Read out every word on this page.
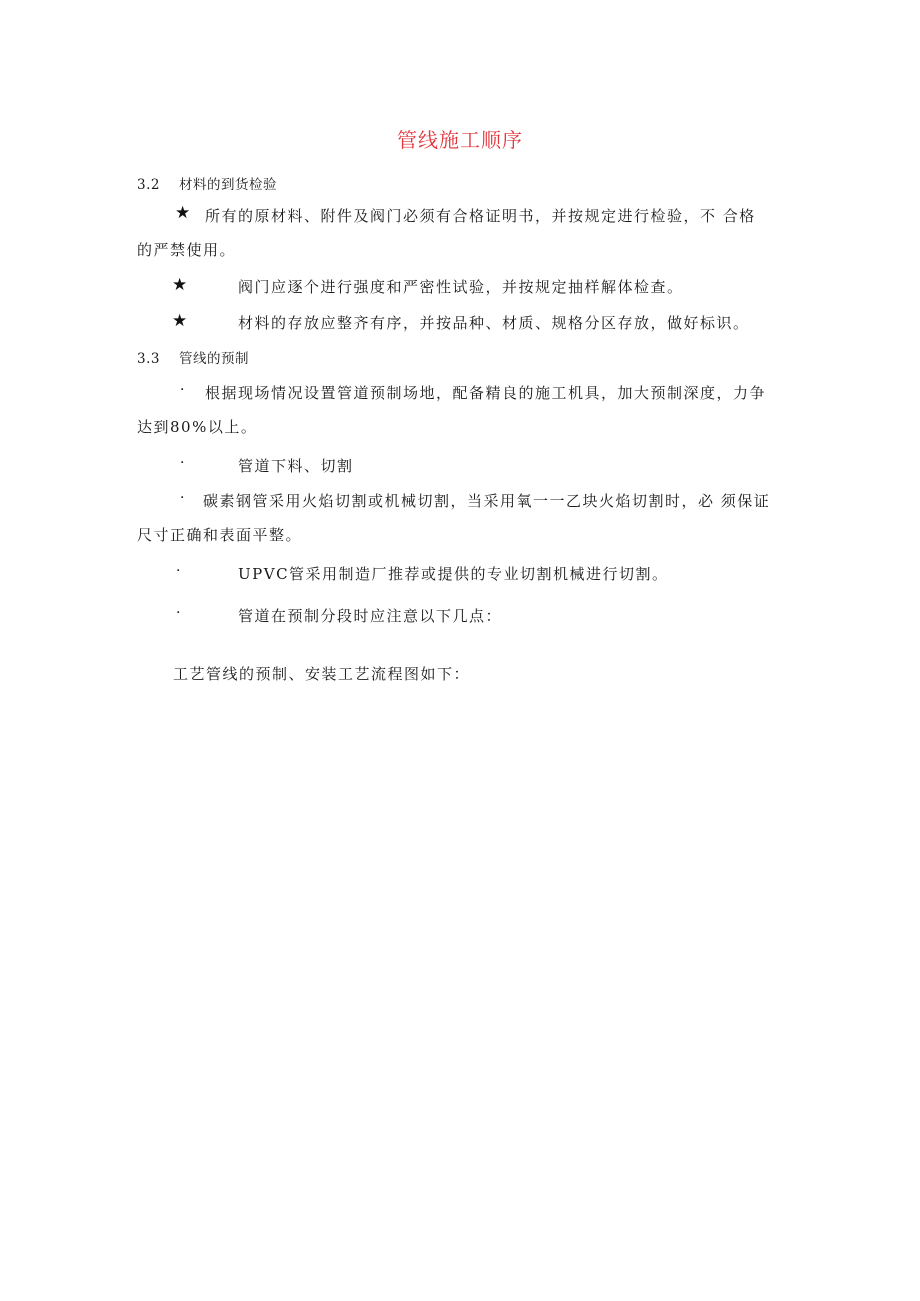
管线施工顺序
3.2 材料的到货检验
★ 所有的原材料、附件及阀门必须有合格证明书，并按规定进行检验，不 合格
的严禁使用。
★	阀门应逐个进行强度和严密性试验，并按规定抽样解体检查。
★	材料的存放应整齐有序，并按品种、材质、规格分区存放，做好标识。
3.3 管线的预制
· 根据现场情况设置管道预制场地，配备精良的施工机具，加大预制深度，力争
达到80%以上。
·	管道下料、切割
· 碳素钢管采用火焰切割或机械切割，当采用氧一一乙块火焰切割时，必 须保证
尺寸正确和表面平整。
·	UPVC管采用制造厂推荐或提供的专业切割机械进行切割。
·	管道在预制分段时应注意以下几点：
工艺管线的预制、安装工艺流程图如下：
